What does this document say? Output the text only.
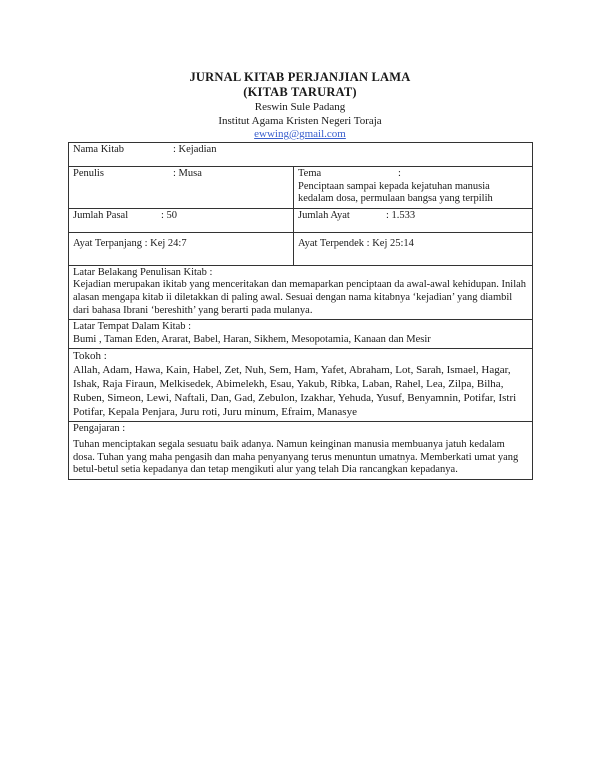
JURNAL KITAB PERJANJIAN LAMA
(KITAB TARURAT)
Reswin Sule Padang
Institut Agama Kristen Negeri Toraja
ewwing@gmail.com
Nama Kitab : Kejadian	
Penulis : Musa	Tema :
Penciptaan sampai kepada kejatuhan manusia kedalam dosa, permulaan bangsa yang terpilih

Jumlah Pasal : 50	Jumlah Ayat : 1.533

Ayat Terpanjang : Kej 24:7	Ayat Terpendek : Kej 25:14

Latar Belakang Penulisan Kitab :
Kejadian merupakan ikitab yang menceritakan dan memaparkan penciptaan da awal-awal kehidupan. Inilah alasan mengapa kitab ii diletakkan di paling awal. Sesuai dengan nama kitabnya ‘kejadian’ yang diambil dari bahasa Ibrani ‘bereshith’ yang berarti pada mulanya.	

Latar Tempat Dalam Kitab :
Bumi , Taman Eden, Ararat, Babel, Haran, Sikhem, Mesopotamia, Kanaan dan Mesir	

Tokoh :
Allah, Adam, Hawa, Kain, Habel, Zet, Nuh, Sem, Ham, Yafet, Abraham, Lot, Sarah, Ismael, Hagar, Ishak, Raja Firaun, Melkisedek, Abimelekh, Esau, Yakub, Ribka, Laban, Rahel, Lea, Zilpa, Bilha, Ruben, Simeon, Lewi, Naftali, Dan, Gad, Zebulon, Izakhar, Yehuda, Yusuf, Benyamnin, Potifar, Istri Potifar, Kepala Penjara, Juru roti, Juru minum, Efraim, Manasye	

Pengajaran :
Tuhan menciptakan segala sesuatu baik adanya. Namun keinginan manusia membuanya jatuh kedalam dosa. Tuhan yang maha pengasih dan maha penyanyang terus menuntun umatnya. Memberkati umat yang betul-betul setia kepadanya dan tetap mengikuti alur yang telah Dia rancangkan kepadanya.	
